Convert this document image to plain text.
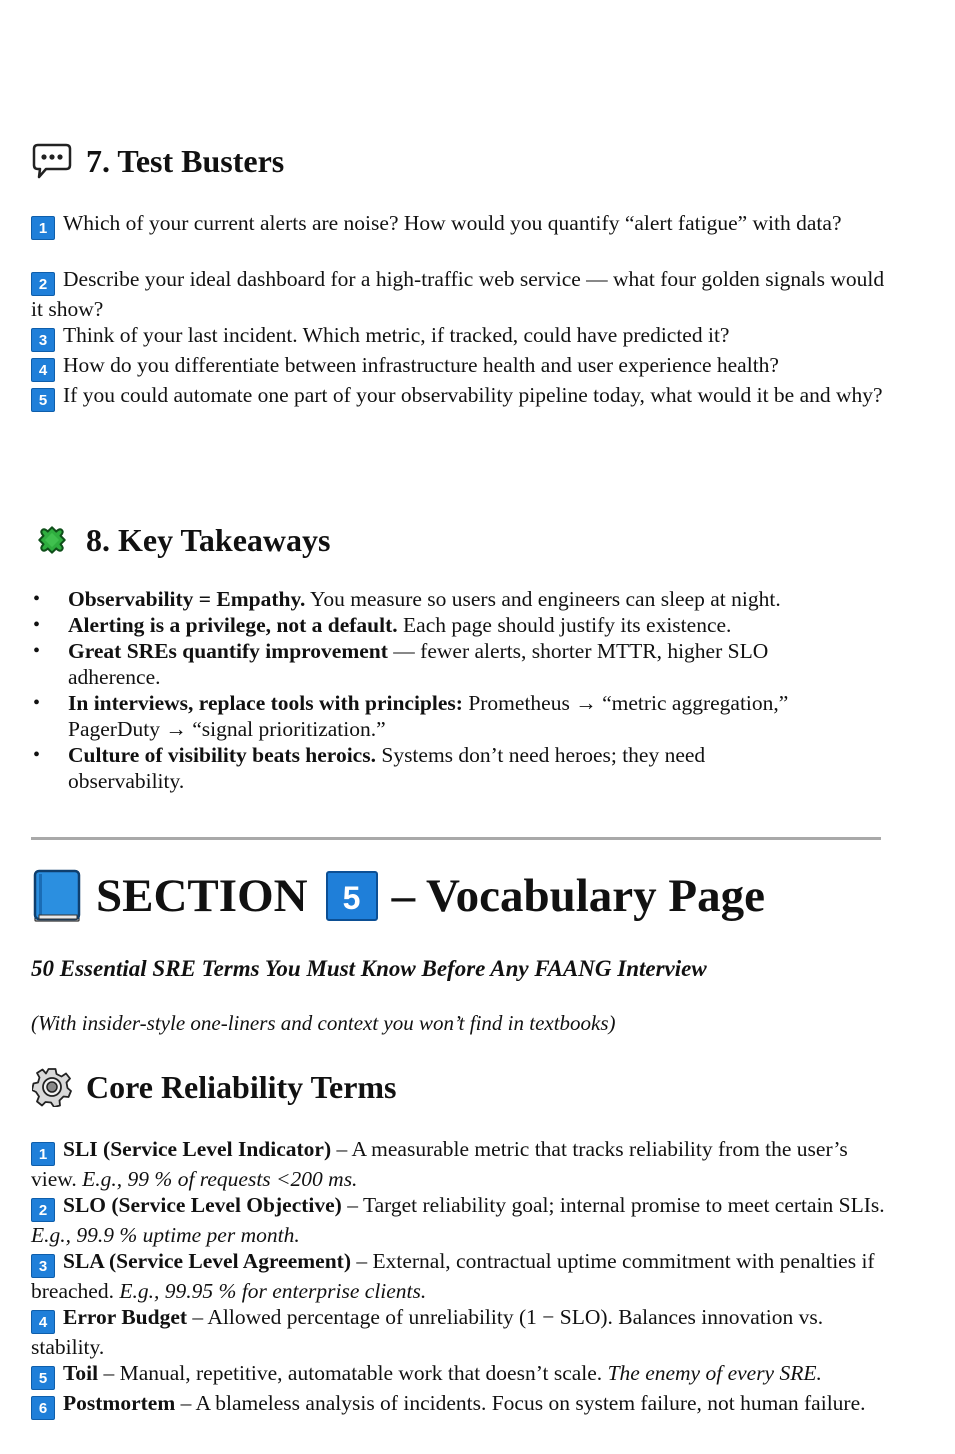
7. Test Busters
1 Which of your current alerts are noise? How would you quantify “alert fatigue” with data?
2 Describe your ideal dashboard for a high-traffic web service — what four golden signals would it show?
3 Think of your last incident. Which metric, if tracked, could have predicted it?
4 How do you differentiate between infrastructure health and user experience health?
5 If you could automate one part of your observability pipeline today, what would it be and why?
8. Key Takeaways
• Observability = Empathy. You measure so users and engineers can sleep at night.
• Alerting is a privilege, not a default. Each page should justify its existence.
• Great SREs quantify improvement — fewer alerts, shorter MTTR, higher SLO adherence.
• In interviews, replace tools with principles: Prometheus → “metric aggregation,” PagerDuty → “signal prioritization.”
• Culture of visibility beats heroics. Systems don’t need heroes; they need observability.
SECTION	5 – Vocabulary Page
50 Essential SRE Terms You Must Know Before Any FAANG Interview
(With insider-style one-liners and context you won’t find in textbooks)
Core Reliability Terms
1 SLI (Service Level Indicator) – A measurable metric that tracks reliability from the user’s view. E.g., 99 % of requests <200 ms.
2 SLO (Service Level Objective) – Target reliability goal; internal promise to meet certain SLIs. E.g., 99.9 % uptime per month.
3 SLA (Service Level Agreement) – External, contractual uptime commitment with penalties if breached. E.g., 99.95 % for enterprise clients.
4 Error Budget – Allowed percentage of unreliability (1 − SLO). Balances innovation vs. stability.
5 Toil – Manual, repetitive, automatable work that doesn’t scale. The enemy of every SRE.
6 Postmortem – A blameless analysis of incidents. Focus on system failure, not human failure.
